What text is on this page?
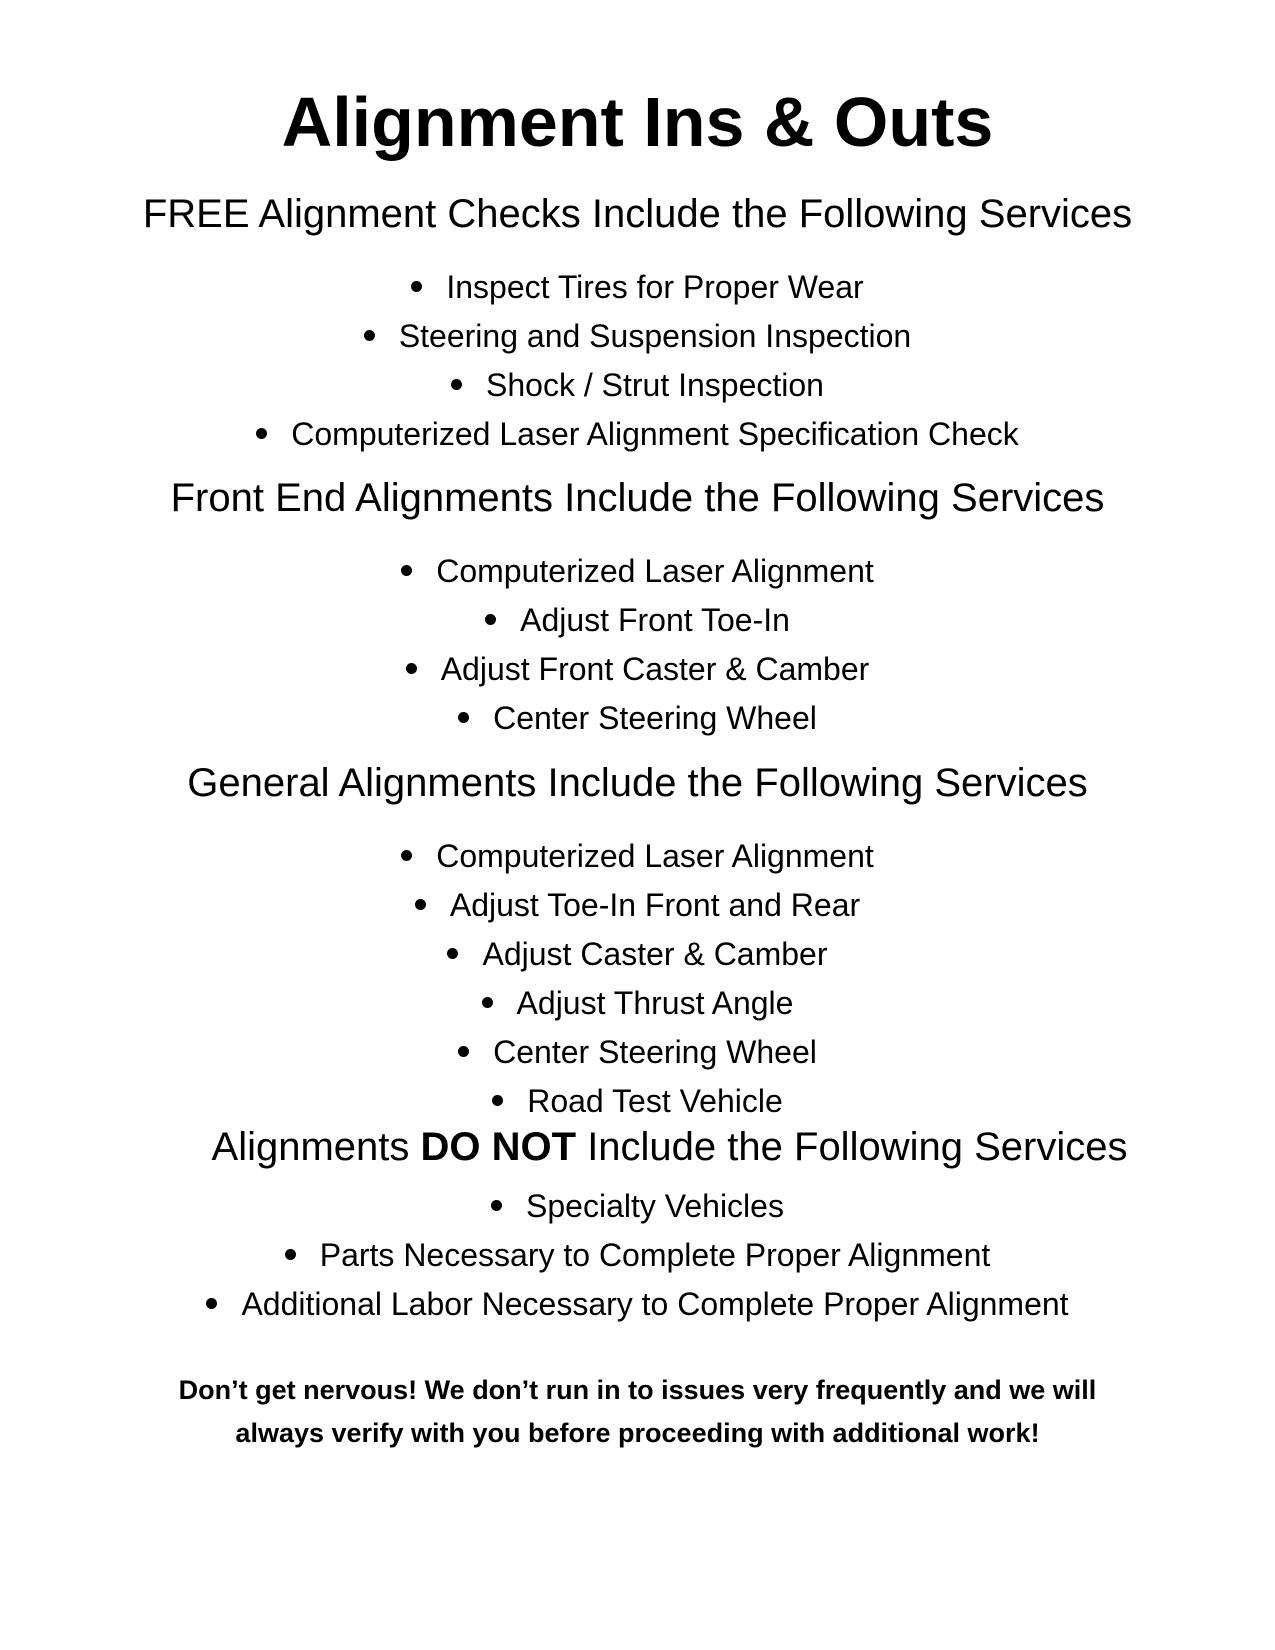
Alignment Ins & Outs
FREE Alignment Checks Include the Following Services
Inspect Tires for Proper Wear
Steering and Suspension Inspection
Shock / Strut Inspection
Computerized Laser Alignment Specification Check
Front End Alignments Include the Following Services
Computerized Laser Alignment
Adjust Front Toe-In
Adjust Front Caster & Camber
Center Steering Wheel
General Alignments Include the Following Services
Computerized Laser Alignment
Adjust Toe-In Front and Rear
Adjust Caster & Camber
Adjust Thrust Angle
Center Steering Wheel
Road Test Vehicle
Alignments DO NOT Include the Following Services
Specialty Vehicles
Parts Necessary to Complete Proper Alignment
Additional Labor Necessary to Complete Proper Alignment
Don’t get nervous! We don’t run in to issues very frequently and we will
always verify with you before proceeding with additional work!
